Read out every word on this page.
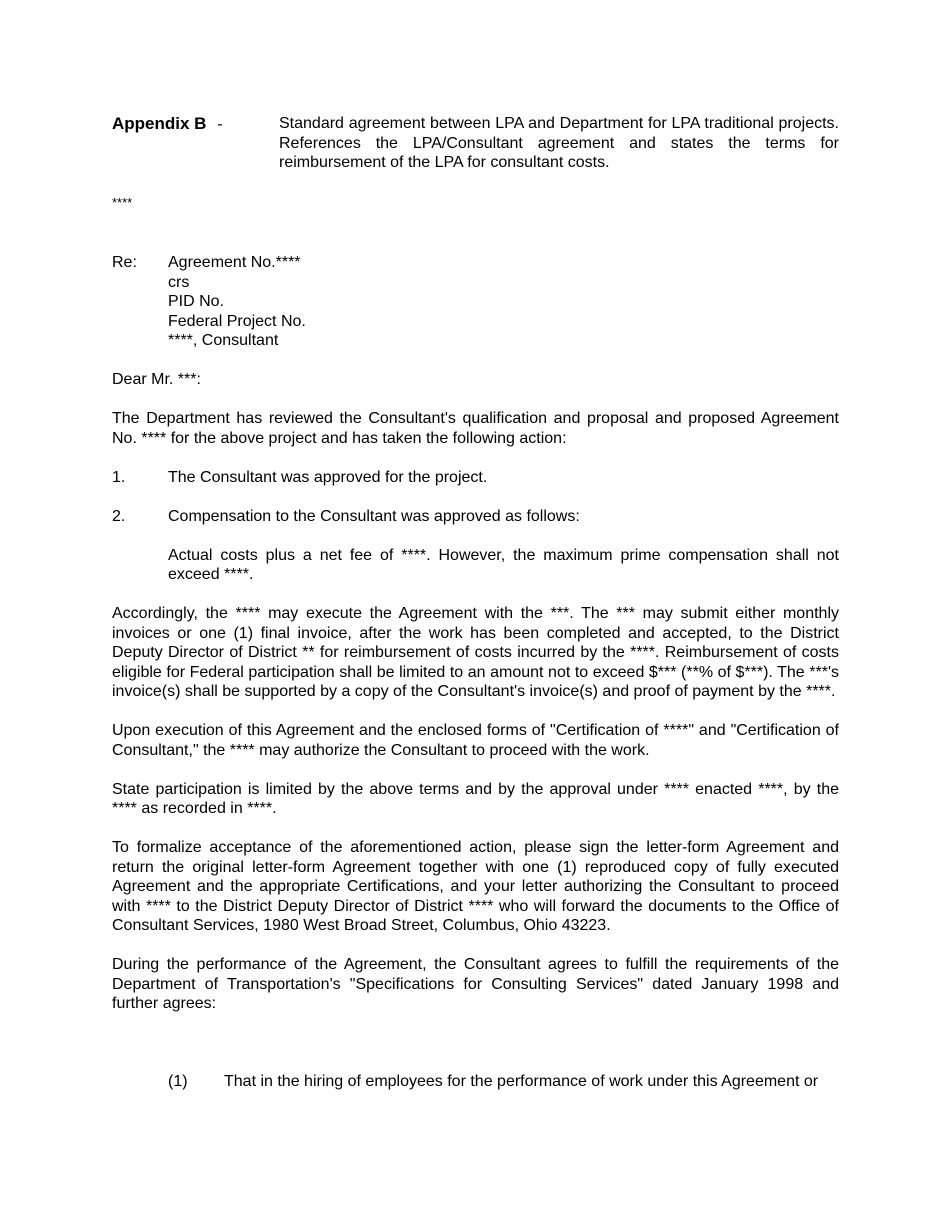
Appendix B -	Standard agreement between LPA and Department for LPA traditional projects. References the LPA/Consultant agreement and states the terms for reimbursement of the LPA for consultant costs.
****
Re:	Agreement No.****
crs
PID No.
Federal Project No.
****, Consultant
Dear Mr. ***:
The Department has reviewed the Consultant's qualification and proposal and proposed Agreement No. **** for the above project and has taken the following action:
1.	The Consultant was approved for the project.
2.	Compensation to the Consultant was approved as follows:
Actual costs plus a net fee of ****. However, the maximum prime compensation shall not exceed ****.
Accordingly, the **** may execute the Agreement with the ***. The *** may submit either monthly invoices or one (1) final invoice, after the work has been completed and accepted, to the District Deputy Director of District ** for reimbursement of costs incurred by the ****. Reimbursement of costs eligible for Federal participation shall be limited to an amount not to exceed $*** (**% of $***). The ***'s invoice(s) shall be supported by a copy of the Consultant's invoice(s) and proof of payment by the ****.
Upon execution of this Agreement and the enclosed forms of "Certification of ****" and "Certification of Consultant," the **** may authorize the Consultant to proceed with the work.
State participation is limited by the above terms and by the approval under **** enacted ****, by the **** as recorded in ****.
To formalize acceptance of the aforementioned action, please sign the letter-form Agreement and return the original letter-form Agreement together with one (1) reproduced copy of fully executed Agreement and the appropriate Certifications, and your letter authorizing the Consultant to proceed with **** to the District Deputy Director of District **** who will forward the documents to the Office of Consultant Services, 1980 West Broad Street, Columbus, Ohio 43223.
During the performance of the Agreement, the Consultant agrees to fulfill the requirements of the Department of Transportation's "Specifications for Consulting Services" dated January 1998 and further agrees:
(1)	That in the hiring of employees for the performance of work under this Agreement or
